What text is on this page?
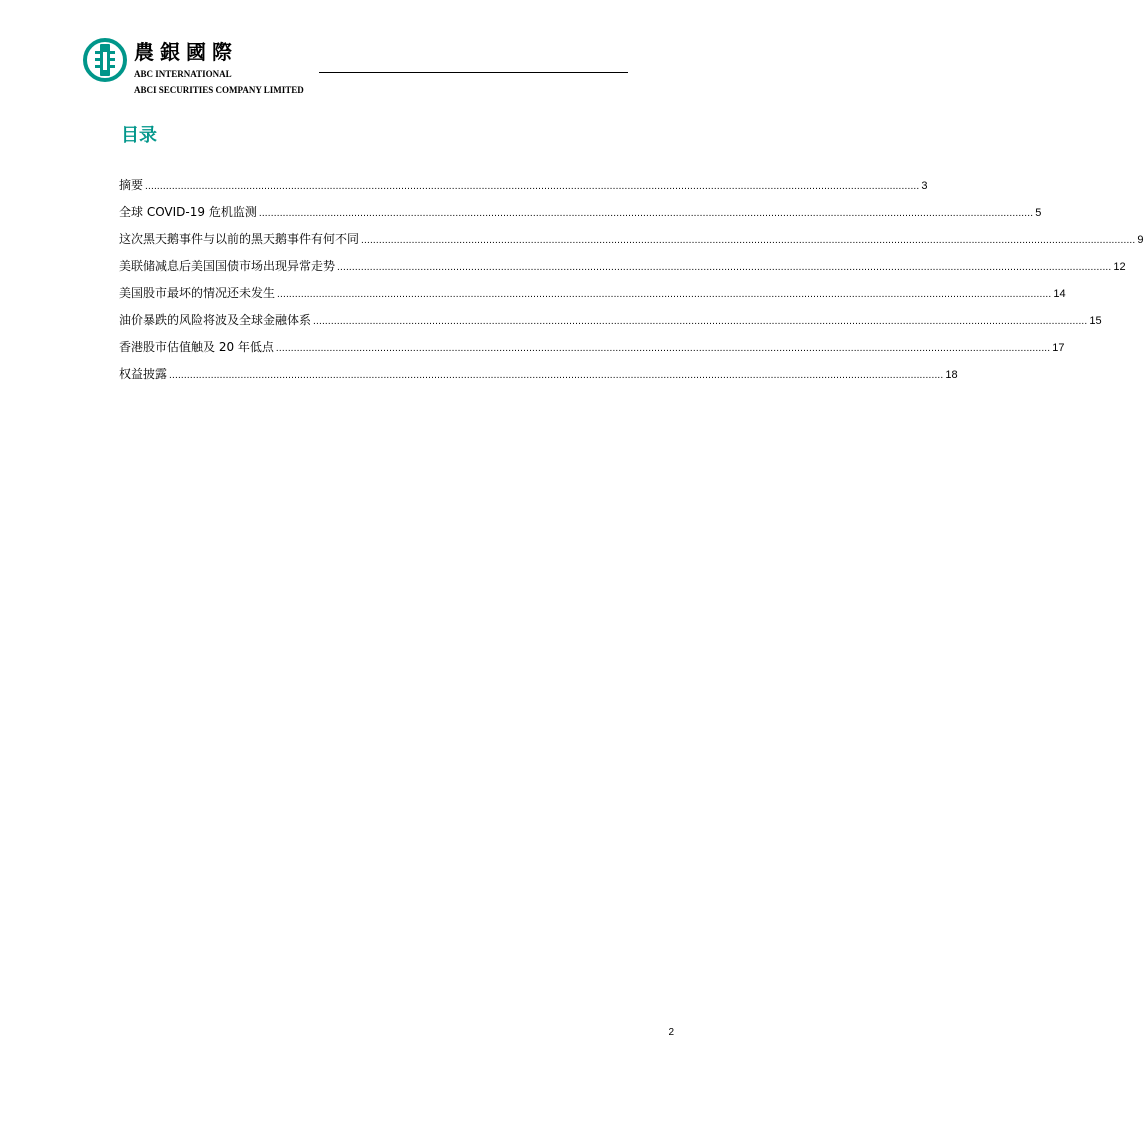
農銀國際
ABC INTERNATIONAL
ABCI SECURITIES COMPANY LIMITED
目录
摘要 .................................................................................................................................................................................................................................................................... 3
全球 COVID-19 危机监测 .................................................................................................................................................................................................................................................................... 5
这次黑天鹅事件与以前的黑天鹅事件有何不同 .................................................................................................................................................................................................................................................................... 9
美联储减息后美国国债市场出现异常走势 .................................................................................................................................................................................................................................................................... 12
美国股市最坏的情况还未发生 .................................................................................................................................................................................................................................................................... 14
油价暴跌的风险将波及全球金融体系 .................................................................................................................................................................................................................................................................... 15
香港股市估值触及 20 年低点 .................................................................................................................................................................................................................................................................... 17
权益披露 .................................................................................................................................................................................................................................................................... 18
2
